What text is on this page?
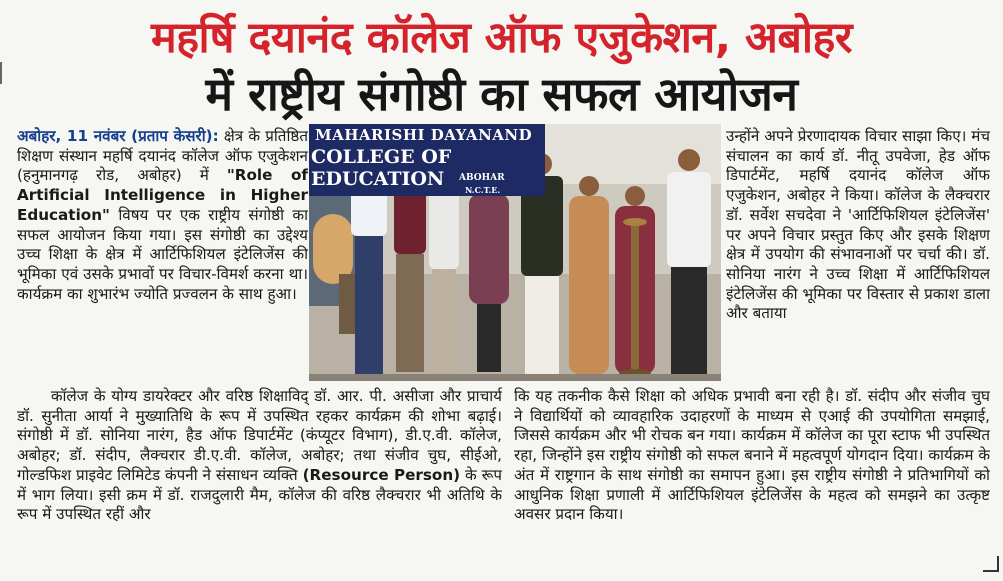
महर्षि दयानंद कॉलेज ऑफ एजुकेशन, अबोहर
में राष्ट्रीय संगोष्ठी का सफल आयोजन

अबोहर, 11 नवंबर (प्रताप केसरी): क्षेत्र के प्रतिष्ठित शिक्षण संस्थान महर्षि दयानंद कॉलेज ऑफ एजुकेशन (हनुमानगढ़ रोड, अबोहर) में "Role of Artificial Intelligence in Higher Education" विषय पर एक राष्ट्रीय संगोष्ठी का सफल आयोजन किया गया। इस संगोष्ठी का उद्देश्य उच्च शिक्षा के क्षेत्र में आर्टिफिशियल इंटेलिजेंस की भूमिका एवं उसके प्रभावों पर विचार-विमर्श करना था। कार्यक्रम का शुभारंभ ज्योति प्रज्वलन के साथ हुआ।

MAHARISHI DAYANAND
COLLEGE OF EDUCATION	ABOHAR
N.C.T.E.

उन्होंने अपने प्रेरणादायक विचार साझा किए। मंच संचालन का कार्य डॉ. नीतू उपवेजा, हेड ऑफ डिपार्टमेंट, महर्षि दयानंद कॉलेज ऑफ एजुकेशन, अबोहर ने किया। कॉलेज के लैक्चरार डॉ. सर्वेश सचदेवा ने 'आर्टिफिशियल इंटेलिजेंस' पर अपने विचार प्रस्तुत किए और इसके शिक्षण क्षेत्र में उपयोग की संभावनाओं पर चर्चा की। डॉ. सोनिया नारंग ने उच्च शिक्षा में आर्टिफिशियल इंटेलिजेंस की भूमिका पर विस्तार से प्रकाश डाला और बताया

कॉलेज के योग्य डायरेक्टर और वरिष्ठ शिक्षाविद् डॉ. आर. पी. असीजा और प्राचार्य डॉ. सुनीता आर्या ने मुख्यातिथि के रूप में उपस्थित रहकर कार्यक्रम की शोभा बढ़ाई। संगोष्ठी में डॉ. सोनिया नारंग, हैड ऑफ डिपार्टमेंट (कंप्यूटर विभाग), डी.ए.वी. कॉलेज, अबोहर; डॉ. संदीप, लैक्चरार डी.ए.वी. कॉलेज, अबोहर; तथा संजीव चुघ, सीईओ, गोल्डफिश प्राइवेट लिमिटेड कंपनी ने संसाधन व्यक्ति (Resource Person) के रूप में भाग लिया। इसी क्रम में डॉ. राजदुलारी मैम, कॉलेज की वरिष्ठ लैक्चरार भी अतिथि के रूप में उपस्थित रहीं और

कि यह तकनीक कैसे शिक्षा को अधिक प्रभावी बना रही है। डॉ. संदीप और संजीव चुघ ने विद्यार्थियों को व्यावहारिक उदाहरणों के माध्यम से एआई की उपयोगिता समझाई, जिससे कार्यक्रम और भी रोचक बन गया। कार्यक्रम में कॉलेज का पूरा स्टाफ भी उपस्थित रहा, जिन्होंने इस राष्ट्रीय संगोष्ठी को सफल बनाने में महत्वपूर्ण योगदान दिया। कार्यक्रम के अंत में राष्ट्रगान के साथ संगोष्ठी का समापन हुआ। इस राष्ट्रीय संगोष्ठी ने प्रतिभागियों को आधुनिक शिक्षा प्रणाली में आर्टिफिशियल इंटेलिजेंस के महत्व को समझने का उत्कृष्ट अवसर प्रदान किया।
